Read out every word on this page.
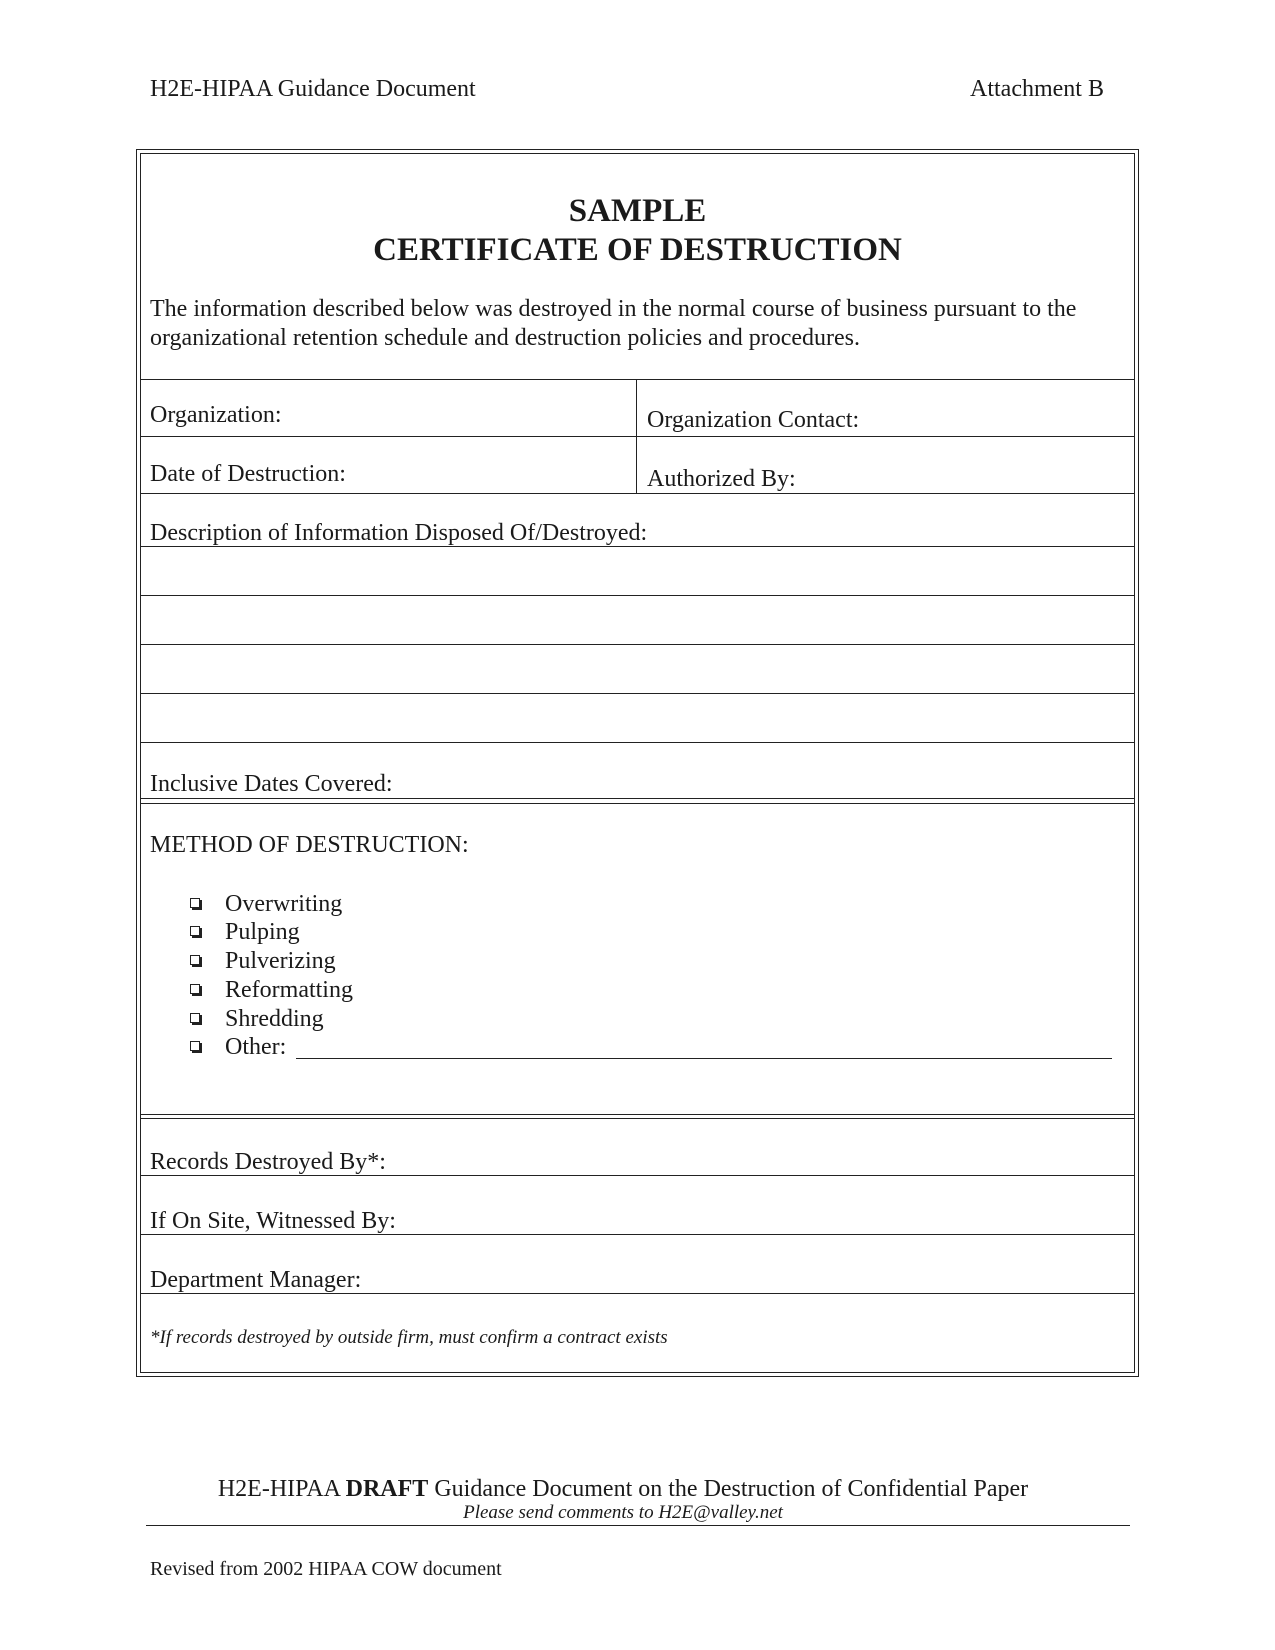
H2E-HIPAA Guidance Document	Attachment B
SAMPLE
CERTIFICATE OF DESTRUCTION
The information described below was destroyed in the normal course of business pursuant to the organizational retention schedule and destruction policies and procedures.
Organization:	Organization Contact:
Date of Destruction:	Authorized By:
Description of Information Disposed Of/Destroyed:
Inclusive Dates Covered:
METHOD OF DESTRUCTION:
Overwriting
Pulping
Pulverizing
Reformatting
Shredding
Other:
Records Destroyed By*:
If On Site, Witnessed By:
Department Manager:
*If records destroyed by outside firm, must confirm a contract exists
H2E-HIPAA DRAFT Guidance Document on the Destruction of Confidential Paper
Please send comments to H2E@valley.net
Revised from 2002 HIPAA COW document
